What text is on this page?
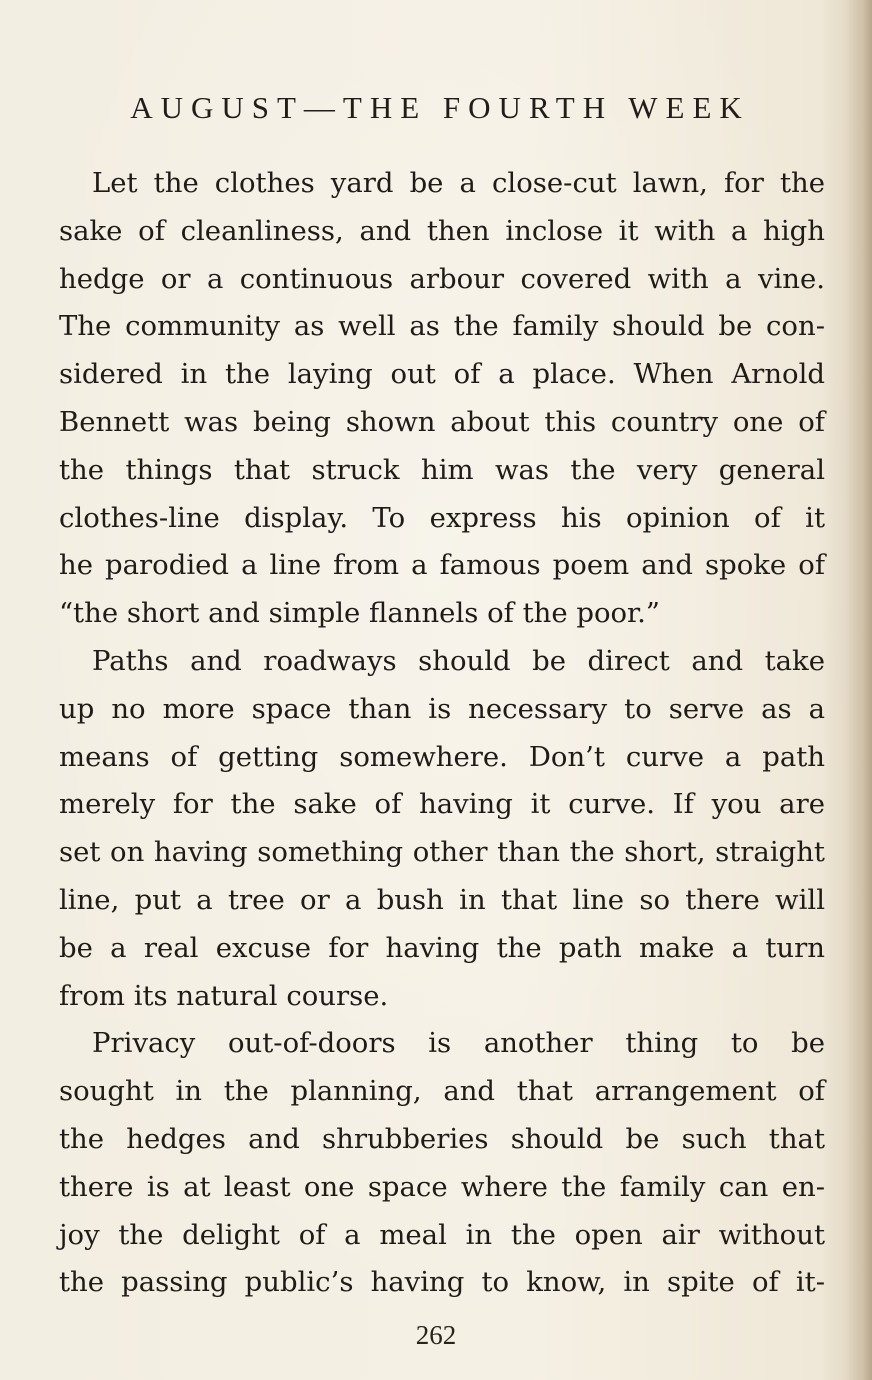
AUGUST—THE FOURTH WEEK
Let the clothes yard be a close-cut lawn, for the
sake of cleanliness, and then inclose it with a high
hedge or a continuous arbour covered with a vine.
The community as well as the family should be con-
sidered in the laying out of a place. When Arnold
Bennett was being shown about this country one of
the things that struck him was the very general
clothes-line display. To express his opinion of it
he parodied a line from a famous poem and spoke of
“the short and simple flannels of the poor.”
Paths and roadways should be direct and take
up no more space than is necessary to serve as a
means of getting somewhere. Don’t curve a path
merely for the sake of having it curve. If you are
set on having something other than the short, straight
line, put a tree or a bush in that line so there will
be a real excuse for having the path make a turn
from its natural course.
Privacy out-of-doors is another thing to be
sought in the planning, and that arrangement of
the hedges and shrubberies should be such that
there is at least one space where the family can en-
joy the delight of a meal in the open air without
the passing public’s having to know, in spite of it-
262
